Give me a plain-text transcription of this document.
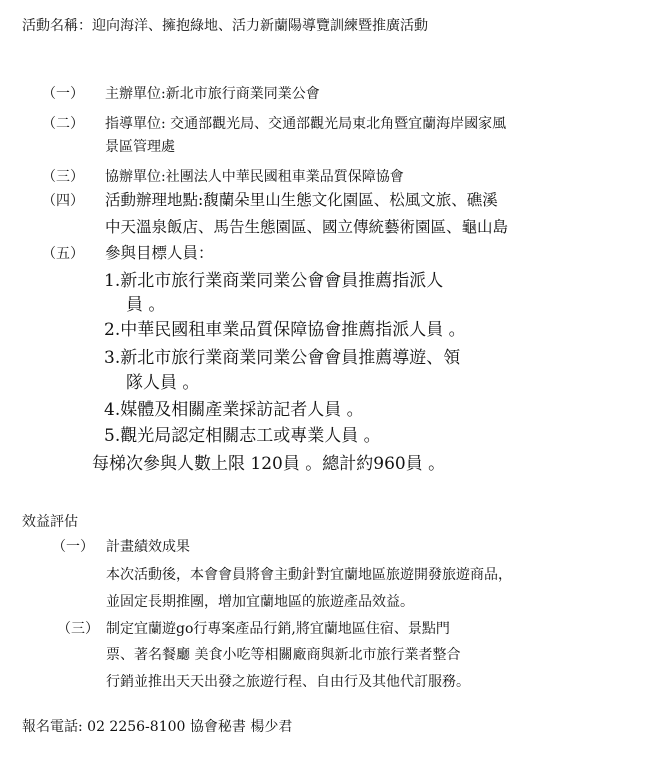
活動名稱：迎向海洋、擁抱綠地、活力新蘭陽導覽訓練暨推廣活動
（一） 主辦單位:新北市旅行商業同業公會
（二） 指導單位: 交通部觀光局、交通部觀光局東北角暨宜蘭海岸國家風
景區管理處
（三） 協辦單位:社團法人中華民國租車業品質保障協會
（四） 活動辦理地點:馥蘭朵里山生態文化園區、松風文旅、礁溪
中天溫泉飯店、馬告生態園區、國立傳統藝術園區、龜山島
（五） 參與目標人員：
1.新北市旅行業商業同業公會會員推薦指派人
員 。
2.中華民國租車業品質保障協會推薦指派人員 。
3.新北市旅行業商業同業公會會員推薦導遊、領
隊人員 。
4.媒體及相關產業採訪記者人員 。
5.觀光局認定相關志工或專業人員 。
每梯次參與人數上限 120員 。總計約960員 。
效益評估
（一） 計畫績效成果
本次活動後，本會會員將會主動針對宜蘭地區旅遊開發旅遊商品，
並固定長期推團，增加宜蘭地區的旅遊產品效益。
（三） 制定宜蘭遊go行專案產品行銷,將宜蘭地區住宿、景點門
票、著名餐廳 美食小吃等相關廠商與新北市旅行業者整合
行銷並推出天天出發之旅遊行程、自由行及其他代訂服務。
報名電話: 02 2256-8100 協會秘書 楊少君
